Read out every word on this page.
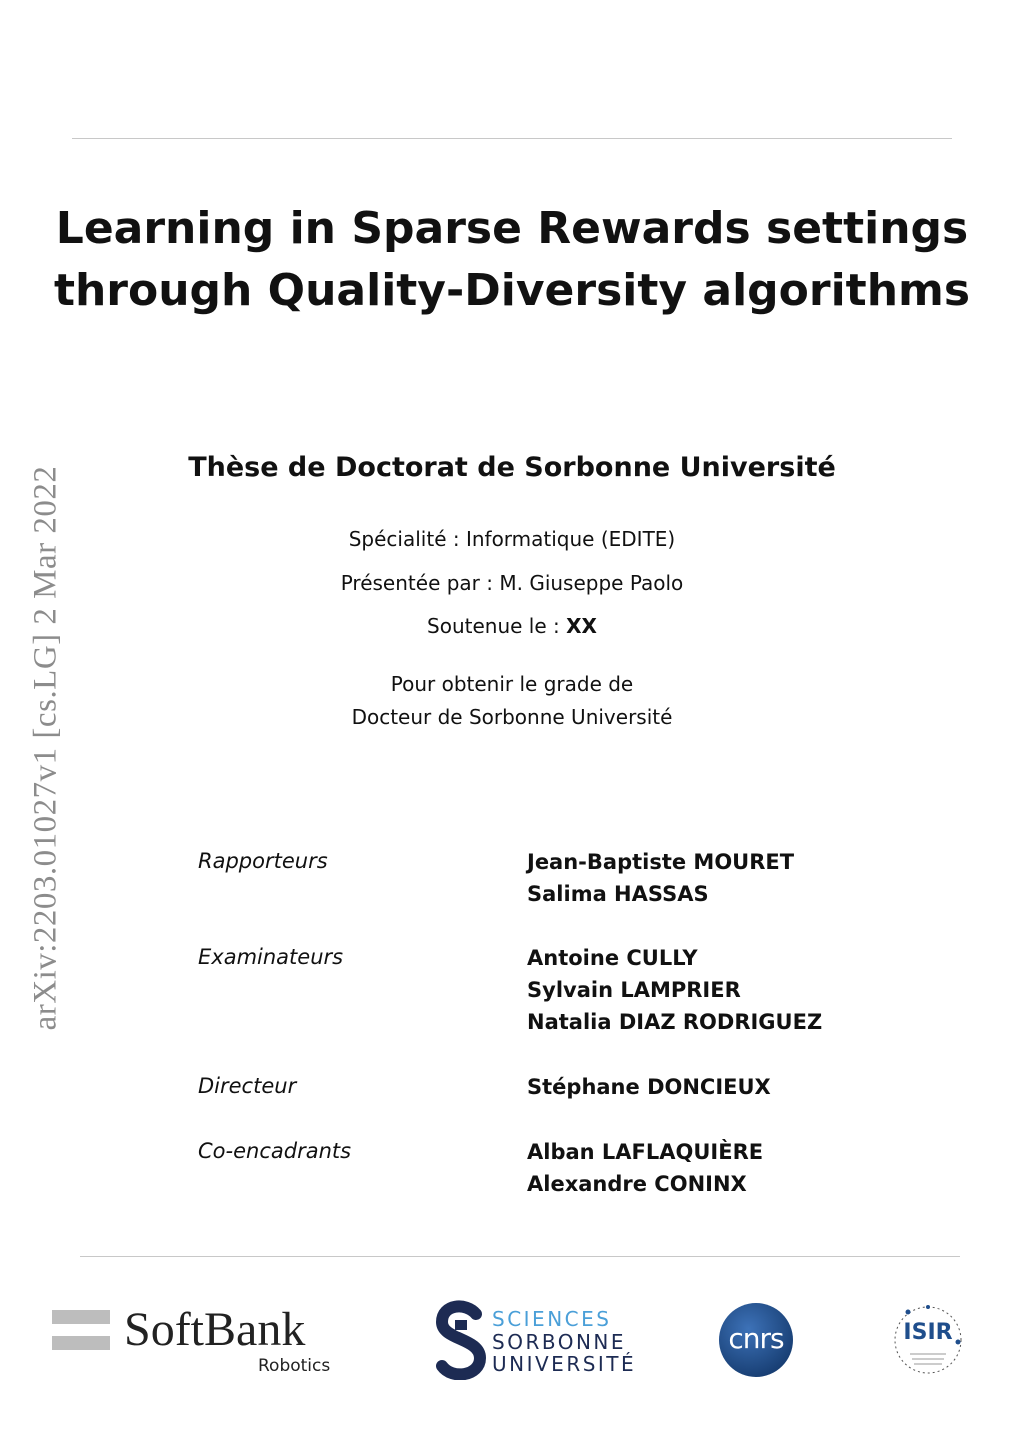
Learning in Sparse Rewards settings
through Quality-Diversity algorithms
arXiv:2203.01027v1 [cs.LG] 2 Mar 2022	Thèse de Doctorat de Sorbonne Université
Spécialité : Informatique (EDITE)
Présentée par : M. Giuseppe Paolo
Soutenue le : XX
Pour obtenir le grade de
Docteur de Sorbonne Université
Rapporteurs	Jean-Baptiste MOURET
Salima HASSAS
Examinateurs	Antoine CULLY
Sylvain LAMPRIER
Natalia DIAZ RODRIGUEZ
Directeur	Stéphane DONCIEUX
Co-encadrants	Alban LAFLAQUIÈRE
Alexandre CONINX
SoftBank
Robotics
SCIENCES
SORBONNE
UNIVERSITÉ
cnrs	ISIR
